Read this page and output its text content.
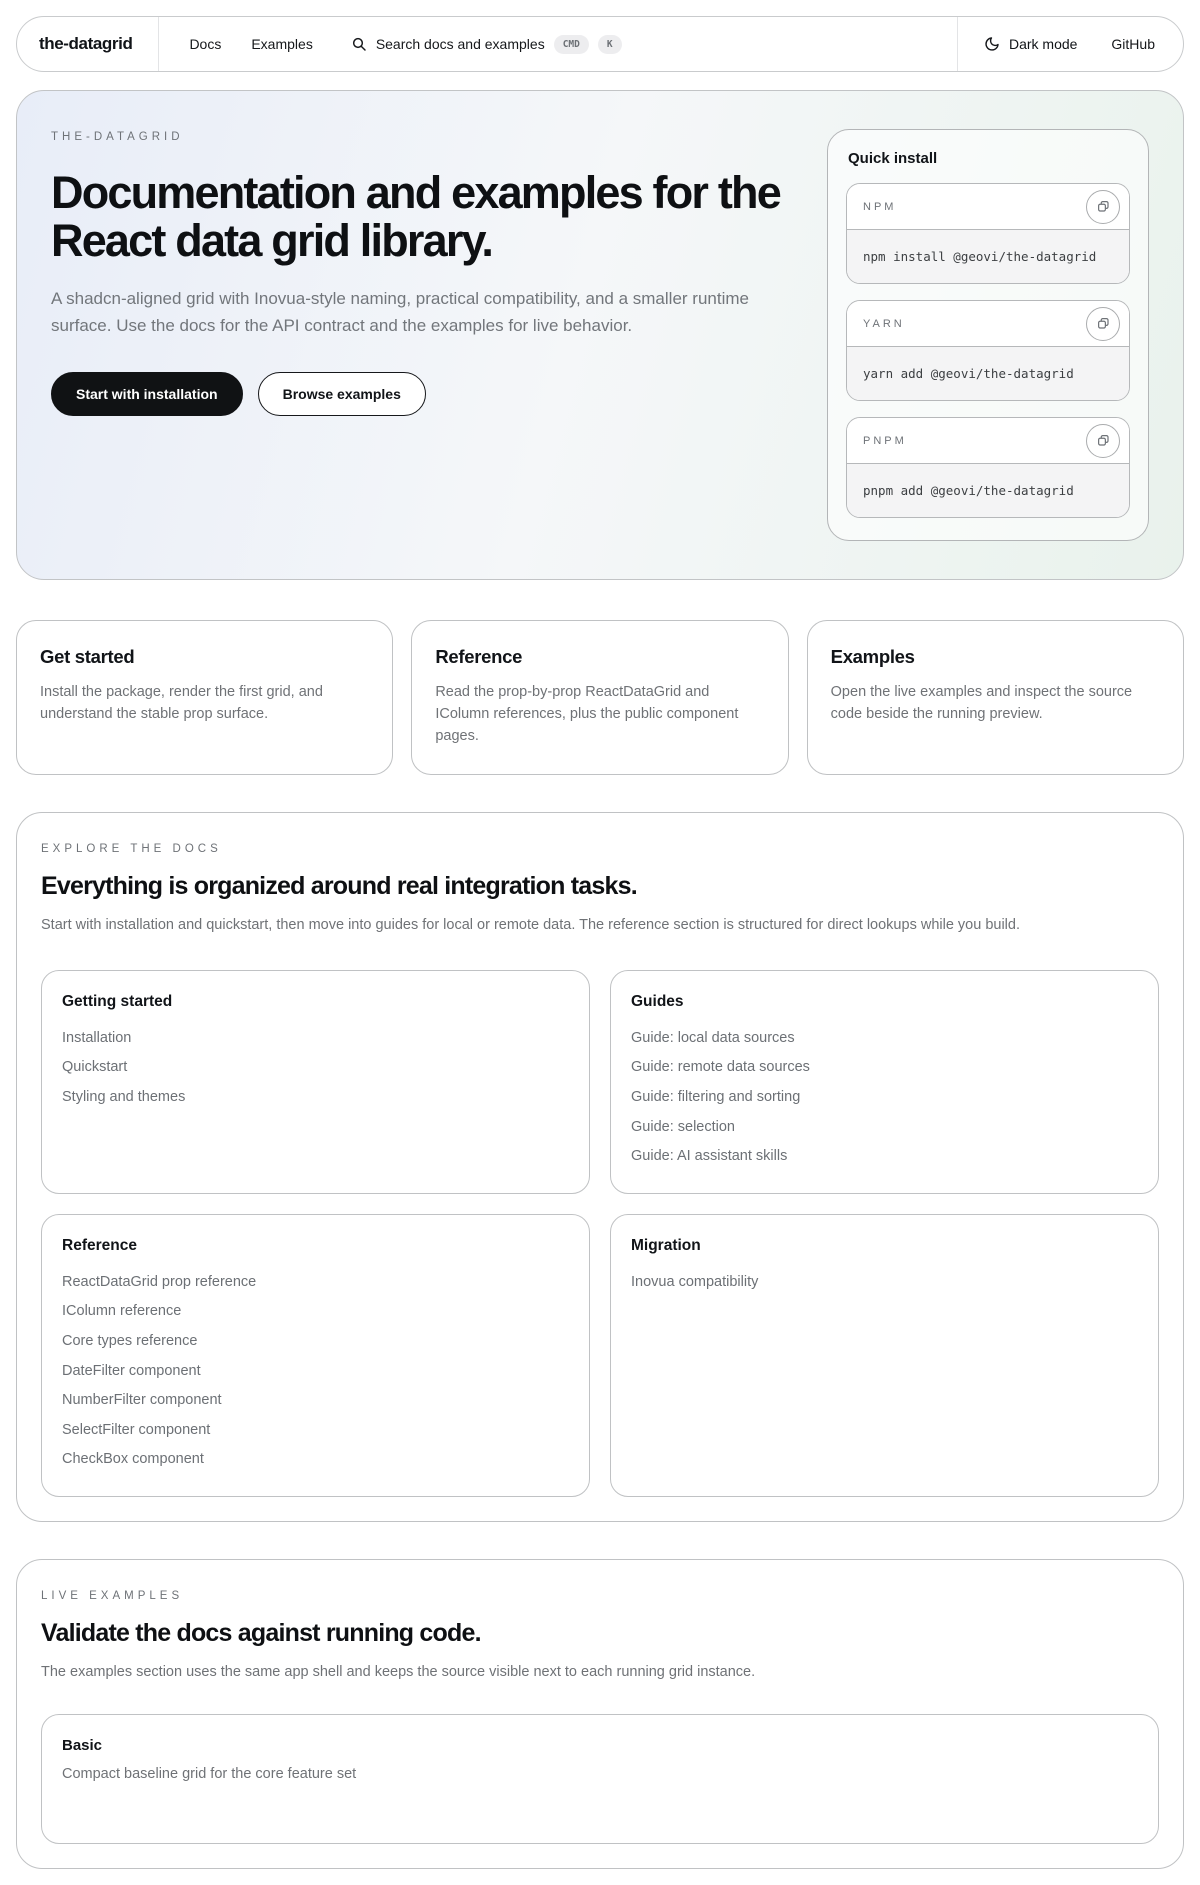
the-datagrid	Docs Examples	Search docs and examples	CMD	K	Dark mode GitHub
THE-DATAGRID
Documentation and examples for the React data grid library.

A shadcn-aligned grid with Inovua-style naming, practical compatibility, and a smaller runtime surface. Use the docs for the API contract and the examples for live behavior.

Start with installation	Browse examples
Quick install
NPM
npm install @geovi/the-datagrid
YARN
yarn add @geovi/the-datagrid
PNPM
pnpm add @geovi/the-datagrid
Get started

Install the package, render the first grid, and understand the stable prop surface.

Reference

Read the prop-by-prop ReactDataGrid and IColumn references, plus the public component pages.

Examples

Open the live examples and inspect the source code beside the running preview.

EXPLORE THE DOCS
Everything is organized around real integration tasks.

Start with installation and quickstart, then move into guides for local or remote data. The reference section is structured for direct lookups while you build.

Getting started
Installation
Quickstart
Styling and themes
Guides
Guide: local data sources
Guide: remote data sources
Guide: filtering and sorting
Guide: selection
Guide: AI assistant skills
Reference
ReactDataGrid prop reference
IColumn reference
Core types reference
DateFilter component
NumberFilter component
SelectFilter component
CheckBox component
Migration
Inovua compatibility
LIVE EXAMPLES
Validate the docs against running code.

The examples section uses the same app shell and keeps the source visible next to each running grid instance.

Basic
Compact baseline grid for the core feature set
